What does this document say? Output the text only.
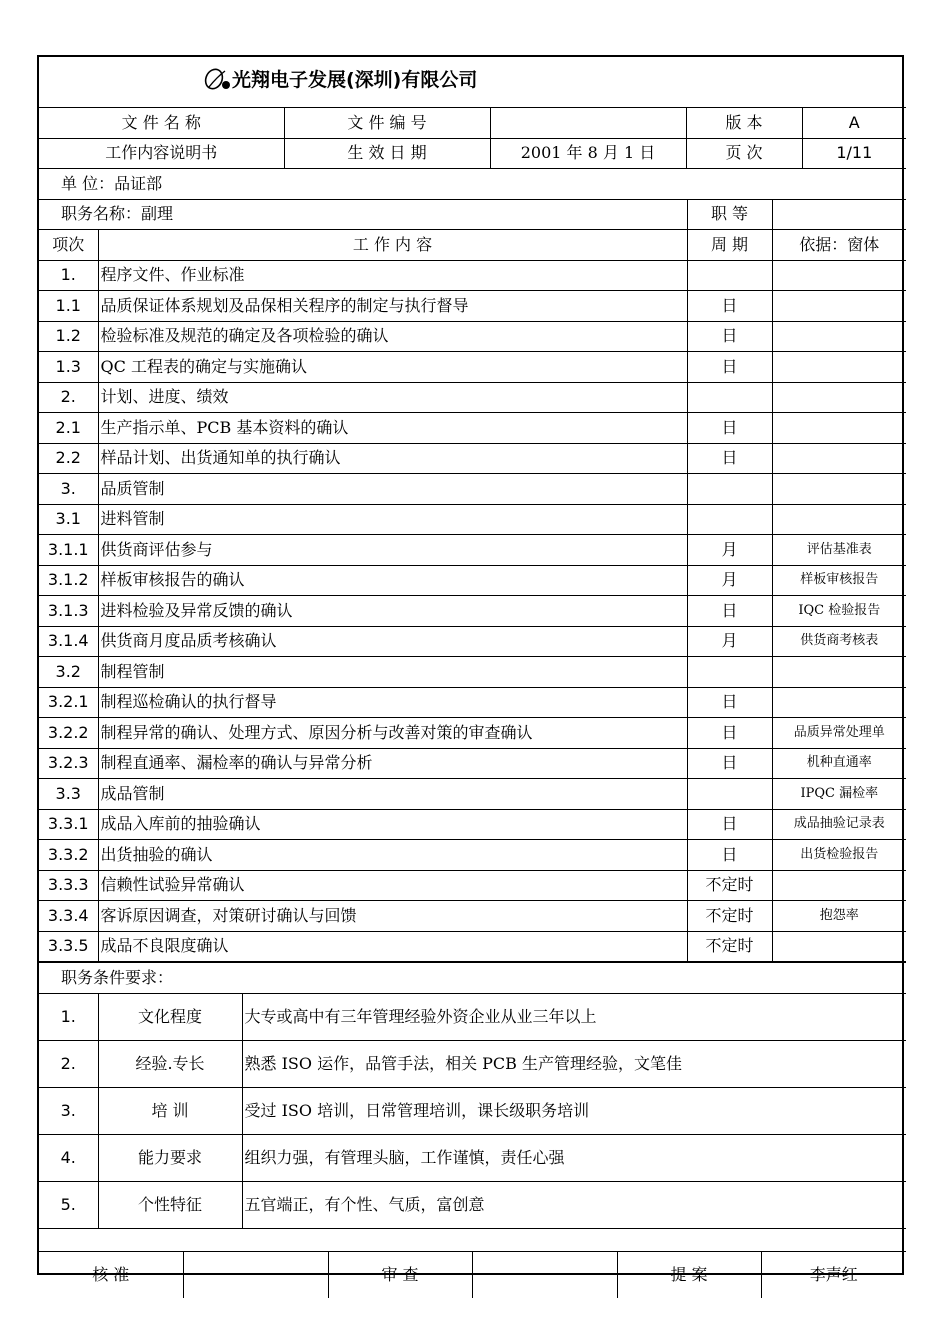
光翔电子发展(深圳)有限公司				

文 件 名 称	文 件 编 号		版 本	A
工作内容说明书	生 效 日 期	2001 年 8 月 1 日	页 次	1/11
单 位：品证部			
职务名称：副理		职 等	
项次	工 作 内 容	周 期	依据：窗体
1.	程序文件、作业标准		
1.1	品质保证体系规划及品保相关程序的制定与执行督导	日	
1.2	检验标准及规范的确定及各项检验的确认	日	
1.3	QC 工程表的确定与实施确认	日	
2.	计划、进度、绩效		
2.1	生产指示单、PCB 基本资料的确认	日	
2.2	样品计划、出货通知单的执行确认	日	
3.	品质管制		
3.1	进料管制		
3.1.1	供货商评估参与	月	评估基准表
3.1.2	样板审核报告的确认	月	样板审核报告
3.1.3	进料检验及异常反馈的确认	日	IQC 检验报告
3.1.4	供货商月度品质考核确认	月	供货商考核表
3.2	制程管制		
3.2.1	制程巡检确认的执行督导	日	
3.2.2	制程异常的确认、处理方式、原因分析与改善对策的审查确认	日	品质异常处理单
3.2.3	制程直通率、漏检率的确认与异常分析	日	机种直通率
3.3	成品管制		IPQC 漏检率
3.3.1	成品入库前的抽验确认	日	成品抽验记录表
3.3.2	出货抽验的确认	日	出货检验报告
3.3.3	信赖性试验异常确认	不定时	
3.3.4	客诉原因调查，对策研讨确认与回馈	不定时	抱怨率
3.3.5	成品不良限度确认	不定时	
职务条件要求：		
1.	文化程度	大专或高中有三年管理经验外资企业从业三年以上
2.	经验.专长	熟悉 ISO 运作，品管手法，相关 PCB 生产管理经验，文笔佳
3.	培 训	受过 ISO 培训，日常管理培训，课长级职务培训
4.	能力要求	组织力强，有管理头脑，工作谨慎，责任心强
5.	个性特征	五官端正，有个性、气质，富创意

核 准		审 查		提 案	李声红
